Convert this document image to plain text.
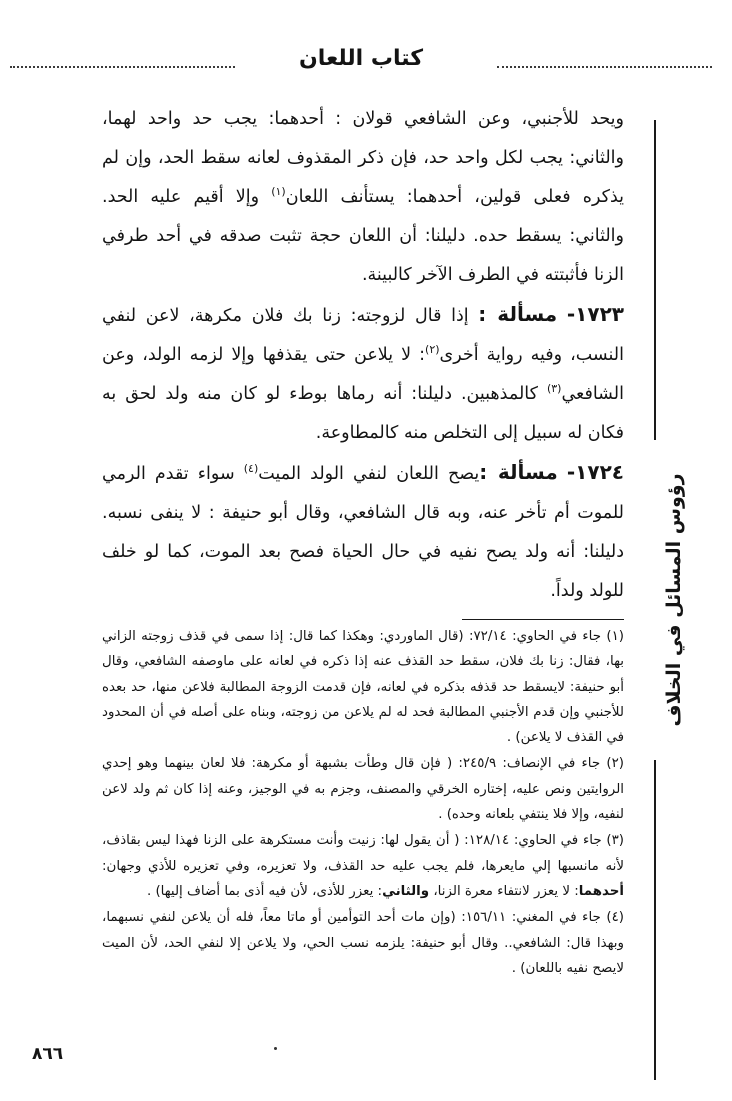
كتاب اللعان
رؤوس المسائل في الخلاف

ويحد للأجنبي، وعن الشافعي قولان : أحدهما: يجب حد واحد لهما، والثاني: يجب لكل واحد حد، فإن ذكر المقذوف لعانه سقط الحد، وإن لم يذكره فعلى قولين، أحدهما: يستأنف اللعان$^{(١)}$ وإلا أقيم عليه الحد. والثاني: يسقط حده. دليلنا: أن اللعان حجة تثبت صدقه في أحد طرفي الزنا فأثبتته في الطرف الآخر كالبينة.

١٧٢٣- مسألة : إذا قال لزوجته: زنا بك فلان مكرهة، لاعن لنفي النسب، وفيه رواية أخرى$^{(٢)}$: لا يلاعن حتى يقذفها وإلا لزمه الولد، وعن الشافعي$^{(٣)}$ كالمذهبين. دليلنا: أنه رماها بوطء لو كان منه ولد لحق به فكان له سبيل إلى التخلص منه كالمطاوعة.

١٧٢٤- مسألة :يصح اللعان لنفي الولد الميت$^{(٤)}$ سواء تقدم الرمي للموت أم تأخر عنه، وبه قال الشافعي، وقال أبو حنيفة : لا ينفى نسبه. دليلنا: أنه ولد يصح نفيه في حال الحياة فصح بعد الموت، كما لو خلف للولد ولداً.

(١) جاء في الحاوي: ٧٢/١٤: (قال الماوردي: وهكذا كما قال: إذا سمى في قذف زوجته الزاني بها، فقال: زنا بك فلان، سقط حد القذف عنه إذا ذكره في لعانه على ماوصفه الشافعي، وقال أبو حنيفة: لايسقط حد قذفه بذكره في لعانه، فإن قدمت الزوجة المطالبة فلاعن منها، حد بعده للأجنبي وإن قدم الأجنبي المطالبة فحد له لم يلاعن من زوجته، وبناه على أصله في أن المحدود في القذف لا يلاعن) .

(٢) جاء في الإنصاف: ٢٤٥/٩: ( فإن قال وطأت بشبهة أو مكرهة: فلا لعان بينهما وهو إحدي الروايتين ونص عليه، إختاره الخرقي والمصنف، وجزم به في الوجيز، وعنه إذا كان ثم ولد لاعن لنفيه، وإلا فلا ينتفي بلعانه وحده) .

(٣) جاء في الحاوي: ١٢٨/١٤: ( أن يقول لها: زنيت وأنت مستكرهة على الزنا فهذا ليس بقاذف، لأنه مانسبها إلي مايعرها، فلم يجب عليه حد القذف، ولا تعزيره، وفي تعزيره للأذي وجهان: أحدهما: لا يعزر لانتفاء معرة الزنا، والثاني: يعزر للأذى، لأن فيه أذى بما أضاف إليها) .

(٤) جاء في المغني: ١٥٦/١١: (وإن مات أحد التوأمين أو ماتا معاً، فله أن يلاعن لنفي نسبهما، وبهذا قال: الشافعي.. وقال أبو حنيفة: يلزمه نسب الحي، ولا يلاعن إلا لنفي الحد، لأن الميت لايصح نفيه باللعان) .

٨٦٦
